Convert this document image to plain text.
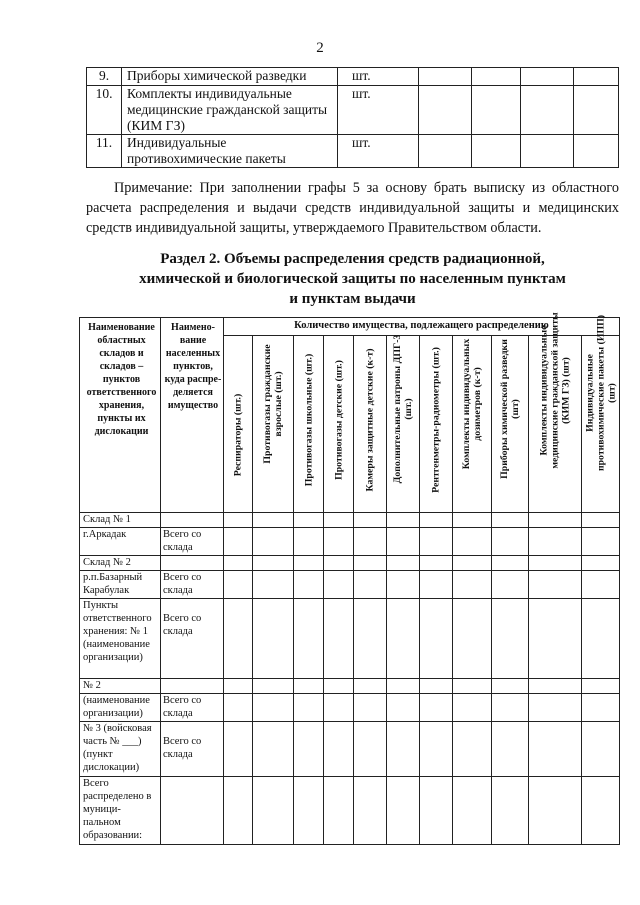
2
9.	Приборы химической разведки	шт.				
10.	Комплекты индивидуальные медицинские гражданской защиты (КИМ ГЗ)	шт.				
11.	Индивидуальные противохимические пакеты	шт.				
Примечание: При заполнении графы 5 за основу брать выписку из областного расчета распределения и выдачи средств индивидуальной защиты и медицинских средств индивидуальной защиты, утверждаемого Правительством области.
Раздел 2. Объемы распределения средств радиационной,
химической и биологической защиты по населенным пунктам
и пунктам выдачи
Наименование областных складов и складов – пунктов ответственного хранения, пункты их дислокации	Наимено- вание населенных пунктов, куда распре- деляется имущество	Количество имущества, подлежащего распределению										

		Респираторы (шт.)	Противогазы гражданские взрослые (шт.)	Противогазы школьные (шт.)	Противогазы детские (шт.)	Камеры защитные детские (к-т)	Дополнительные патроны ДПГ-3 (шт.)	Рентгенметры-радиометры (шт.)	Комплекты индивидуальных дозиметров (к-т)	Приборы химической разведки (шт)	Комплекты индивидуальные медицинские гражданской защиты (КИМ ГЗ) (шт)	Индивидуальные противохимические пакеты (ИПП) (шт)

Склад № 1												
г.Аркадак	Всего со склада											
Склад № 2												
р.п.Базарный Карабулак	Всего со склада											
Пункты ответственного хранения: № 1 (наименование организации)	Всего со склада											
№ 2												
(наименование организации)	Всего со склада											
№ 3 (войсковая часть № ___) (пункт дислокации)	Всего со склада											
Всего распределено в муници- пальном образовании:												
